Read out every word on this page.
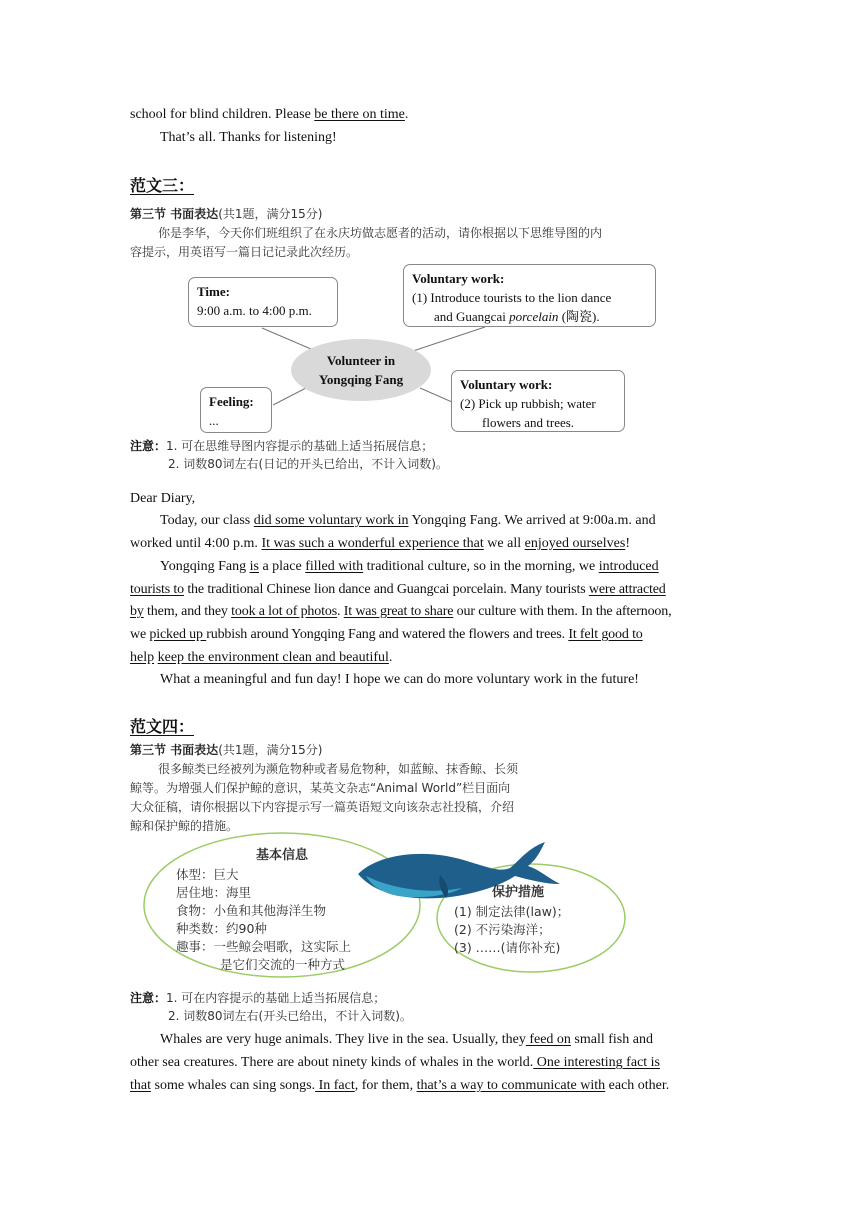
school for blind children. Please be there on time.
That’s all. Thanks for listening!
范文三：
第三节 书面表达(共1题，满分15分)
你是李华，今天你们班组织了在永庆坊做志愿者的活动，请你根据以下思维导图的内
容提示，用英语写一篇日记记录此次经历。
Time:
9:00 a.m. to 4:00 p.m.
Voluntary work:
(1) Introduce tourists to the lion dance
and Guangcai porcelain (陶瓷).
Volunteer in
Yongqing Fang
Feeling:
...
Voluntary work:
(2) Pick up rubbish; water
flowers and trees.
注意：1. 可在思维导图内容提示的基础上适当拓展信息；
2. 词数80词左右(日记的开头已给出，不计入词数)。
Dear Diary,
Today, our class did some voluntary work in Yongqing Fang. We arrived at 9:00a.m. and
worked until 4:00 p.m. It was such a wonderful experience that we all enjoyed ourselves!
Yongqing Fang is a place filled with traditional culture, so in the morning, we introduced
tourists to the traditional Chinese lion dance and Guangcai porcelain. Many tourists were attracted
by them, and they took a lot of photos. It was great to share our culture with them. In the afternoon,
we picked up rubbish around Yongqing Fang and watered the flowers and trees. It felt good to
help keep the environment clean and beautiful.
What a meaningful and fun day! I hope we can do more voluntary work in the future!
范文四：
第三节 书面表达(共1题，满分15分)
很多鲸类已经被列为濒危物种或者易危物种，如蓝鲸、抹香鲸、长须
鲸等。为增强人们保护鲸的意识，某英文杂志“Animal World”栏目面向
大众征稿，请你根据以下内容提示写一篇英语短文向该杂志社投稿，介绍
鲸和保护鲸的措施。
基本信息
体型：巨大
居住地：海里
食物：小鱼和其他海洋生物
种类数：约90种
趣事：一些鲸会唱歌，这实际上
是它们交流的一种方式
保护措施
(1) 制定法律(law)；
(2) 不污染海洋；
(3) ……(请你补充)
注意：1. 可在内容提示的基础上适当拓展信息；
2. 词数80词左右(开头已给出，不计入词数)。
Whales are very huge animals. They live in the sea. Usually, they feed on small fish and
other sea creatures. There are about ninety kinds of whales in the world. One interesting fact is
that some whales can sing songs. In fact, for them, that’s a way to communicate with each other.
